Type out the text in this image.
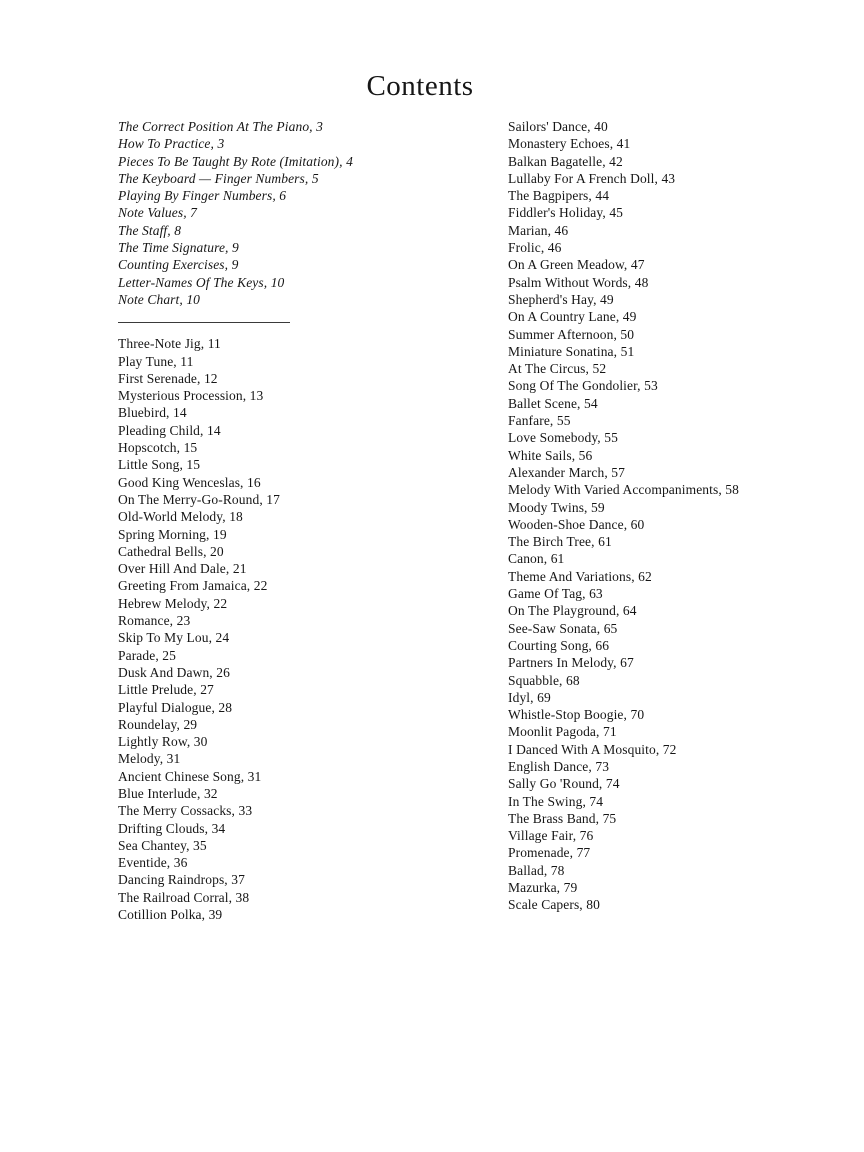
Contents
The Correct Position At The Piano, 3
How To Practice, 3
Pieces To Be Taught By Rote (Imitation), 4
The Keyboard — Finger Numbers, 5
Playing By Finger Numbers, 6
Note Values, 7
The Staff, 8
The Time Signature, 9
Counting Exercises, 9
Letter-Names Of The Keys, 10
Note Chart, 10
Three-Note Jig, 11
Play Tune, 11
First Serenade, 12
Mysterious Procession, 13
Bluebird, 14
Pleading Child, 14
Hopscotch, 15
Little Song, 15
Good King Wenceslas, 16
On The Merry-Go-Round, 17
Old-World Melody, 18
Spring Morning, 19
Cathedral Bells, 20
Over Hill And Dale, 21
Greeting From Jamaica, 22
Hebrew Melody, 22
Romance, 23
Skip To My Lou, 24
Parade, 25
Dusk And Dawn, 26
Little Prelude, 27
Playful Dialogue, 28
Roundelay, 29
Lightly Row, 30
Melody, 31
Ancient Chinese Song, 31
Blue Interlude, 32
The Merry Cossacks, 33
Drifting Clouds, 34
Sea Chantey, 35
Eventide, 36
Dancing Raindrops, 37
The Railroad Corral, 38
Cotillion Polka, 39
Sailors' Dance, 40
Monastery Echoes, 41
Balkan Bagatelle, 42
Lullaby For A French Doll, 43
The Bagpipers, 44
Fiddler's Holiday, 45
Marian, 46
Frolic, 46
On A Green Meadow, 47
Psalm Without Words, 48
Shepherd's Hay, 49
On A Country Lane, 49
Summer Afternoon, 50
Miniature Sonatina, 51
At The Circus, 52
Song Of The Gondolier, 53
Ballet Scene, 54
Fanfare, 55
Love Somebody, 55
White Sails, 56
Alexander March, 57
Melody With Varied Accompaniments, 58
Moody Twins, 59
Wooden-Shoe Dance, 60
The Birch Tree, 61
Canon, 61
Theme And Variations, 62
Game Of Tag, 63
On The Playground, 64
See-Saw Sonata, 65
Courting Song, 66
Partners In Melody, 67
Squabble, 68
Idyl, 69
Whistle-Stop Boogie, 70
Moonlit Pagoda, 71
I Danced With A Mosquito, 72
English Dance, 73
Sally Go 'Round, 74
In The Swing, 74
The Brass Band, 75
Village Fair, 76
Promenade, 77
Ballad, 78
Mazurka, 79
Scale Capers, 80
